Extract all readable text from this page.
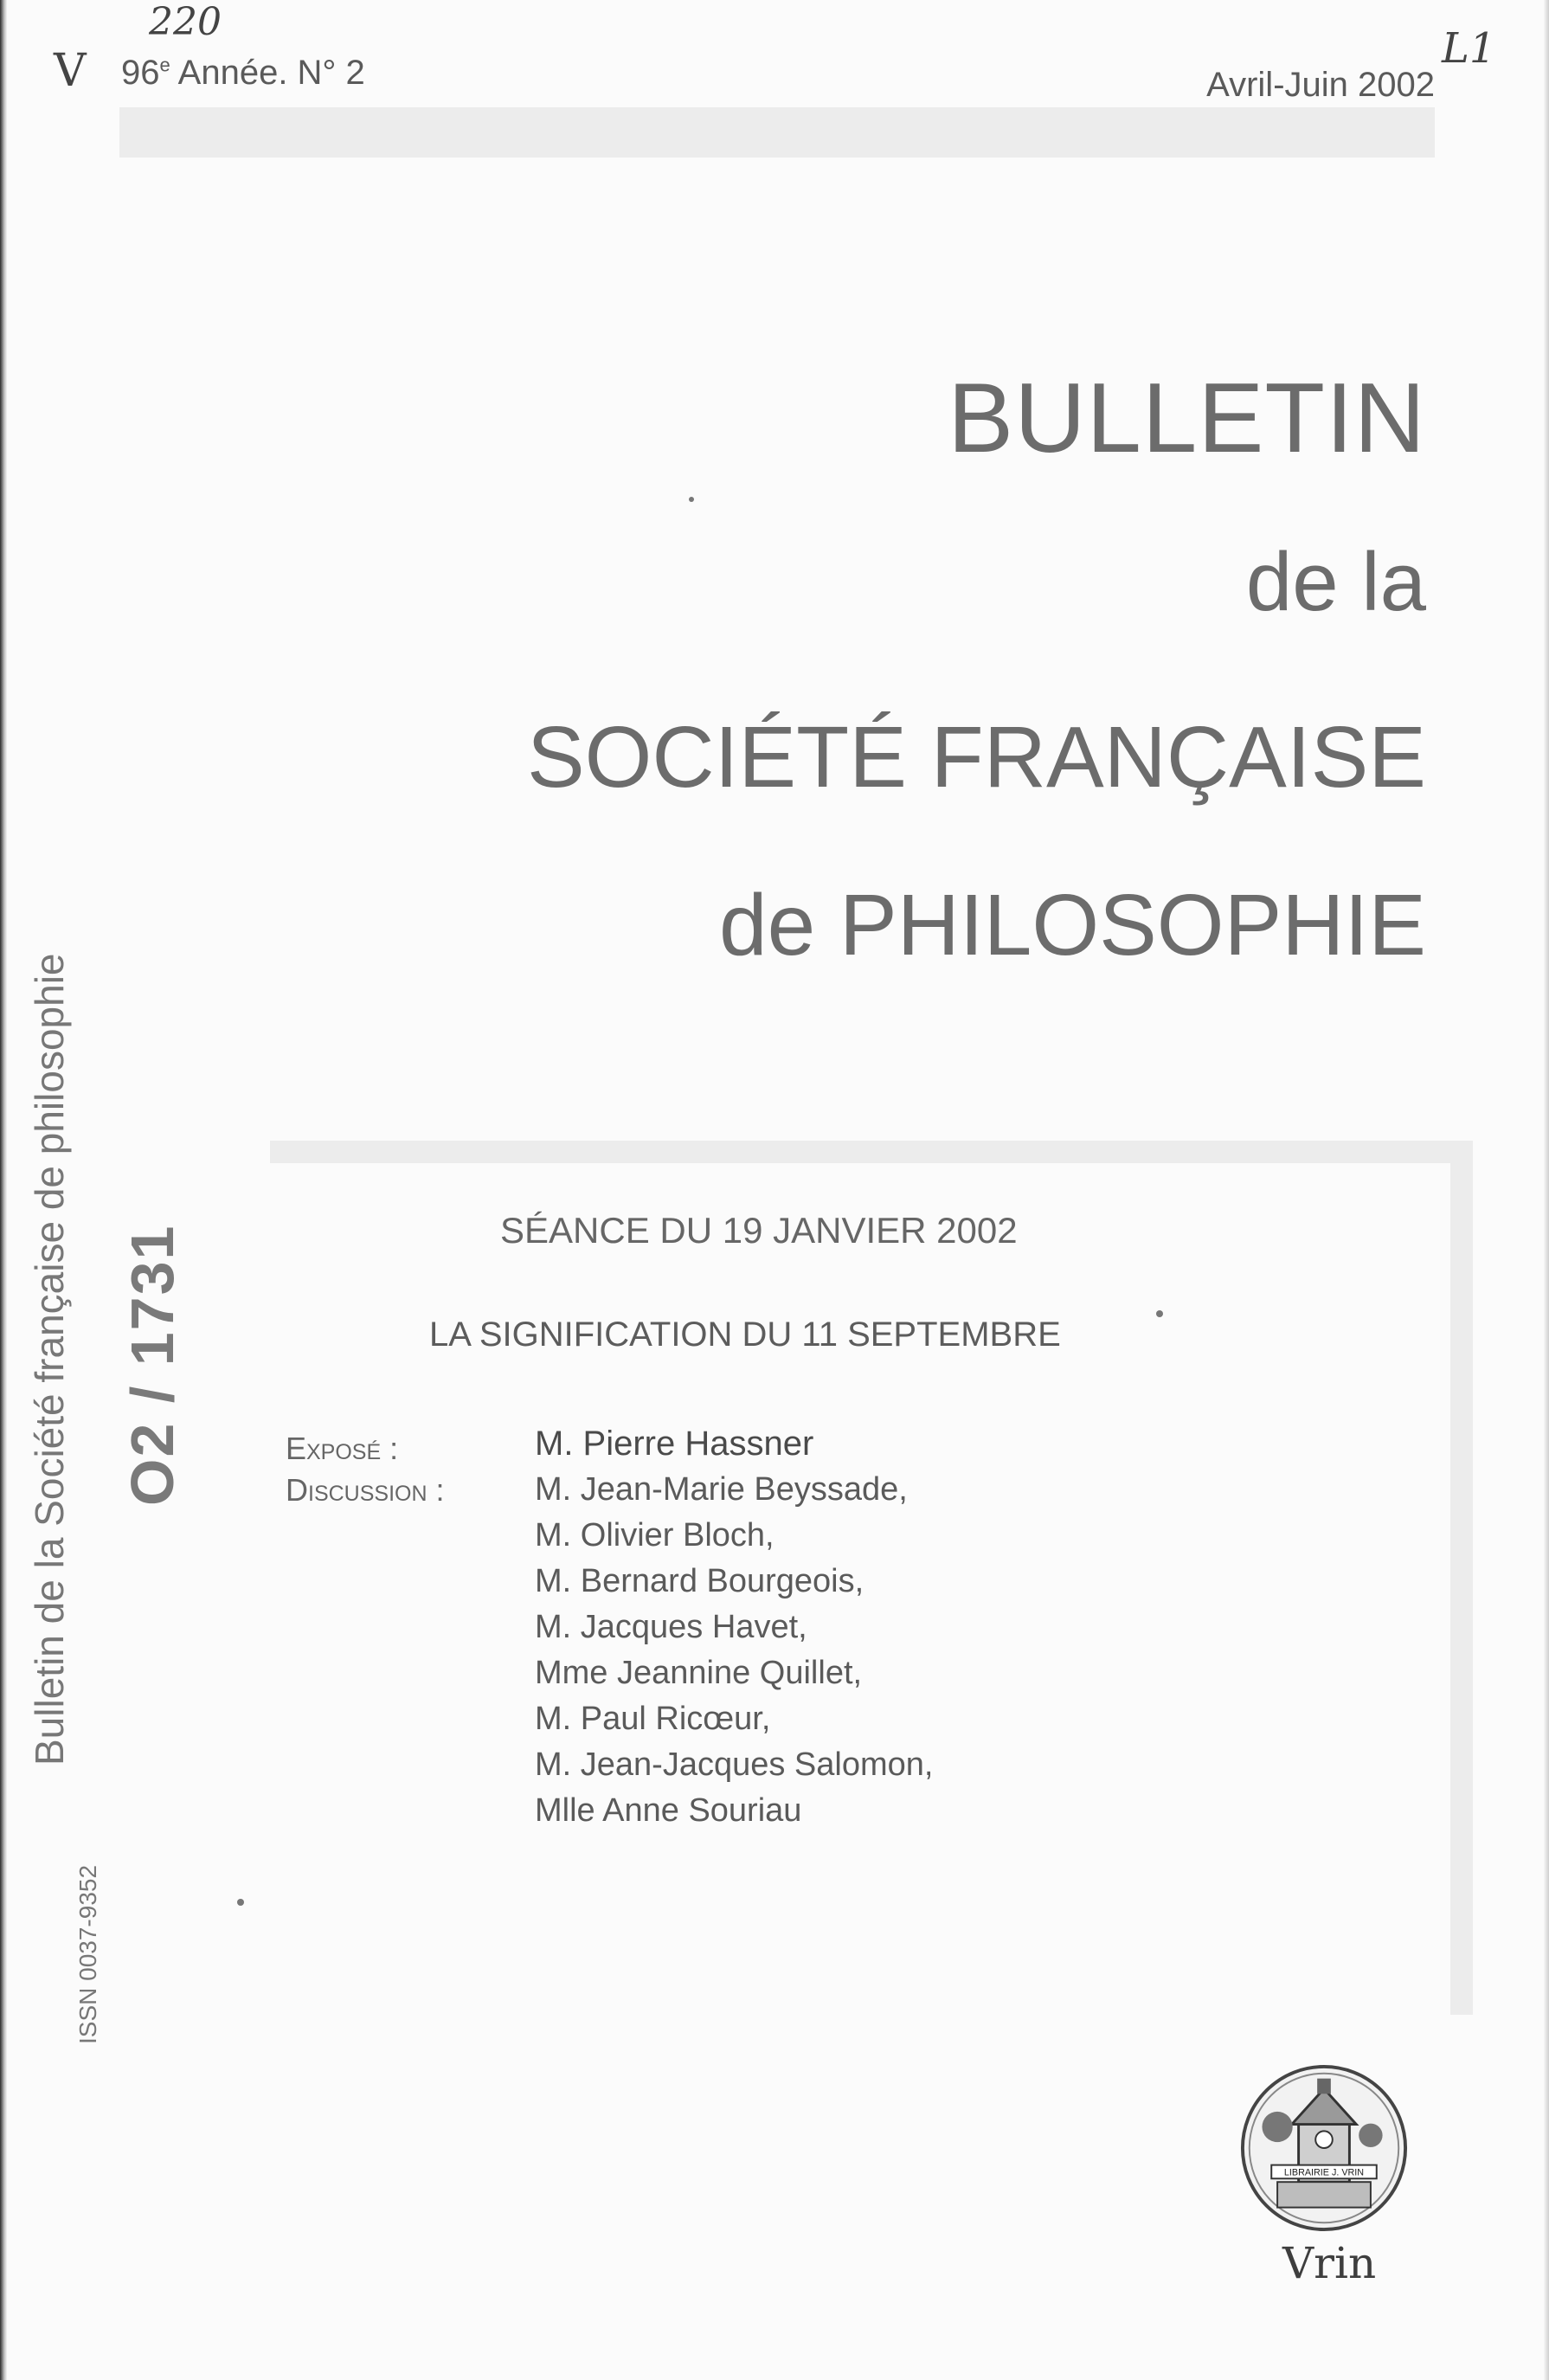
220
V	L1
96e Année. N° 2	Avril-Juin 2002
BULLETIN
de la
SOCIÉTÉ FRANÇAISE
de PHILOSOPHIE
Bulletin de la Société française de philosophie O2 / 1731
ISSN 0037-9352
SÉANCE DU 19 JANVIER 2002
LA SIGNIFICATION DU 11 SEPTEMBRE
Exposé :
Discussion :
M. Pierre Hassner
M. Jean-Marie Beyssade,
M. Olivier Bloch,
M. Bernard Bourgeois,
M. Jacques Havet,
Mme Jeannine Quillet,
M. Paul Ricœur,
M. Jean-Jacques Salomon,
Mlle Anne Souriau
LIBRAIRIE J. VRIN
Vrin
